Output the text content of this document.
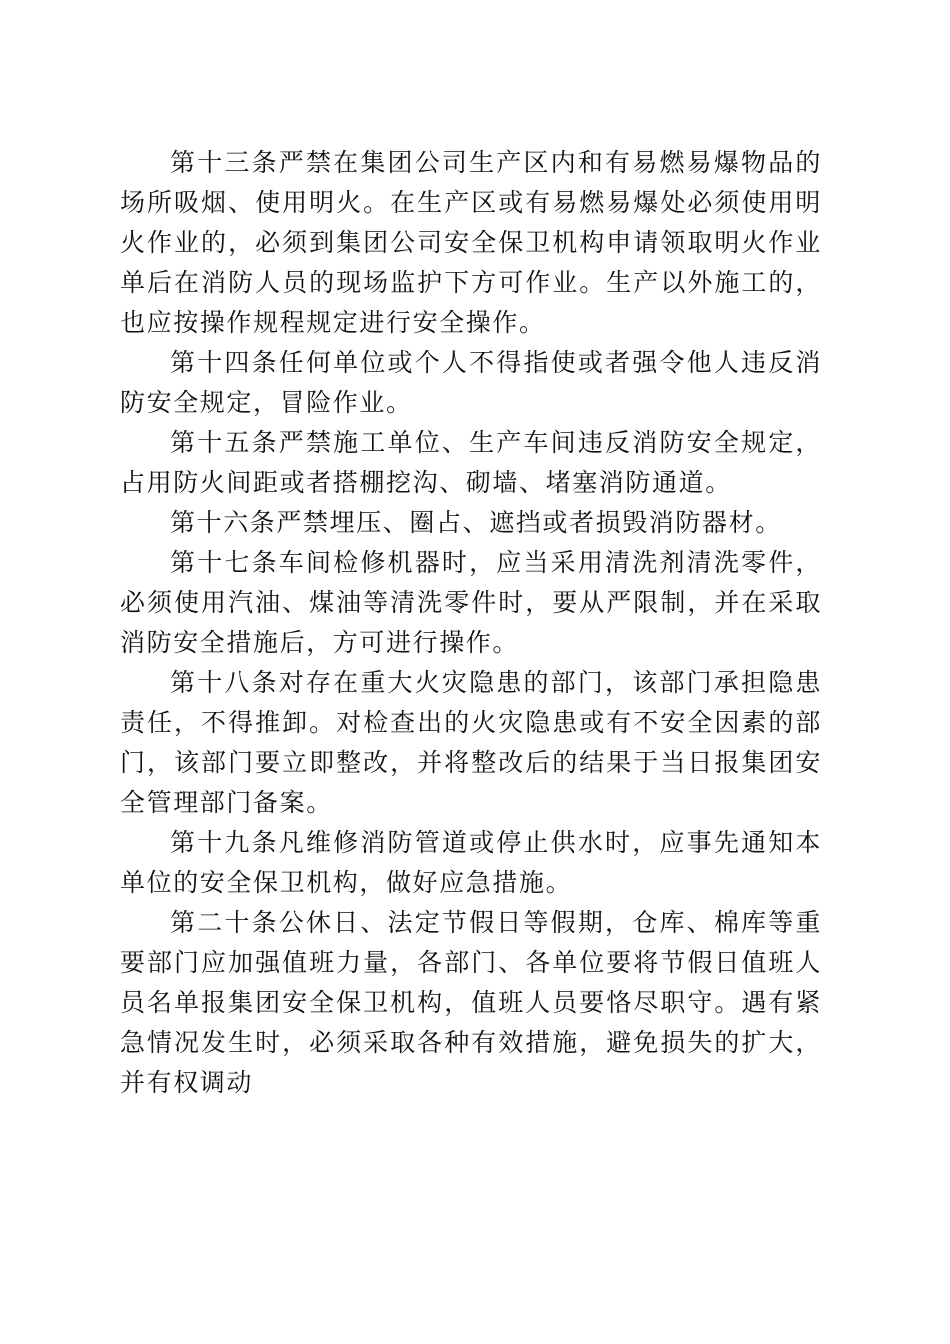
第十三条严禁在集团公司生产区内和有易燃易爆物品的场所吸烟、使用明火。在生产区或有易燃易爆处必须使用明火作业的，必须到集团公司安全保卫机构申请领取明火作业单后在消防人员的现场监护下方可作业。生产以外施工的，也应按操作规程规定进行安全操作。

第十四条任何单位或个人不得指使或者强令他人违反消防安全规定，冒险作业。

第十五条严禁施工单位、生产车间违反消防安全规定，占用防火间距或者搭棚挖沟、砌墙、堵塞消防通道。

第十六条严禁埋压、圈占、遮挡或者损毁消防器材。

第十七条车间检修机器时，应当采用清洗剂清洗零件，必须使用汽油、煤油等清洗零件时，要从严限制，并在采取消防安全措施后，方可进行操作。

第十八条对存在重大火灾隐患的部门，该部门承担隐患责任，不得推卸。对检查出的火灾隐患或有不安全因素的部门，该部门要立即整改，并将整改后的结果于当日报集团安全管理部门备案。

第十九条凡维修消防管道或停止供水时，应事先通知本单位的安全保卫机构，做好应急措施。

第二十条公休日、法定节假日等假期，仓库、棉库等重要部门应加强值班力量，各部门、各单位要将节假日值班人员名单报集团安全保卫机构，值班人员要恪尽职守。遇有紧急情况发生时，必须采取各种有效措施，避免损失的扩大，并有权调动
